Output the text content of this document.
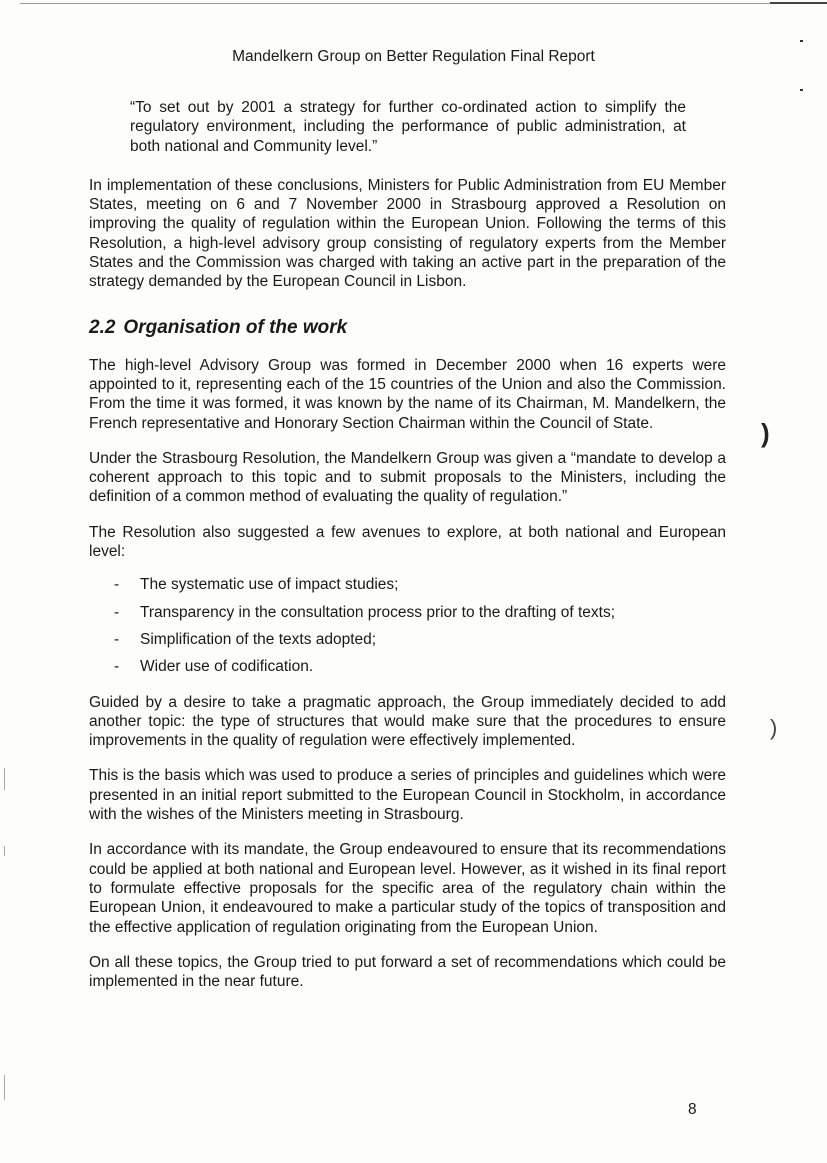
Mandelkern Group on Better Regulation Final Report

“To set out by 2001 a strategy for further co-ordinated action to simplify the regulatory environment, including the performance of public administration, at both national and Community level.”

In implementation of these conclusions, Ministers for Public Administration from EU Member States, meeting on 6 and 7 November 2000 in Strasbourg approved a Resolution on improving the quality of regulation within the European Union. Following the terms of this Resolution, a high-level advisory group consisting of regulatory experts from the Member States and the Commission was charged with taking an active part in the preparation of the strategy demanded by the European Council in Lisbon.

2.2 Organisation of the work

The high-level Advisory Group was formed in December 2000 when 16 experts were appointed to it, representing each of the 15 countries of the Union and also the Commission. From the time it was formed, it was known by the name of its Chairman, M. Mandelkern, the French representative and Honorary Section Chairman within the Council of State.

Under the Strasbourg Resolution, the Mandelkern Group was given a “mandate to develop a coherent approach to this topic and to submit proposals to the Ministers, including the definition of a common method of evaluating the quality of regulation.”

The Resolution also suggested a few avenues to explore, at both national and European level:

- The systematic use of impact studies;
- Transparency in the consultation process prior to the drafting of texts;
- Simplification of the texts adopted;
- Wider use of codification.

Guided by a desire to take a pragmatic approach, the Group immediately decided to add another topic: the type of structures that would make sure that the procedures to ensure improvements in the quality of regulation were effectively implemented.

This is the basis which was used to produce a series of principles and guidelines which were presented in an initial report submitted to the European Council in Stockholm, in accordance with the wishes of the Ministers meeting in Strasbourg.

In accordance with its mandate, the Group endeavoured to ensure that its recommendations could be applied at both national and European level. However, as it wished in its final report to formulate effective proposals for the specific area of the regulatory chain within the European Union, it endeavoured to make a particular study of the topics of transposition and the effective application of regulation originating from the European Union.

On all these topics, the Group tried to put forward a set of recommendations which could be implemented in the near future.

)
)
8
